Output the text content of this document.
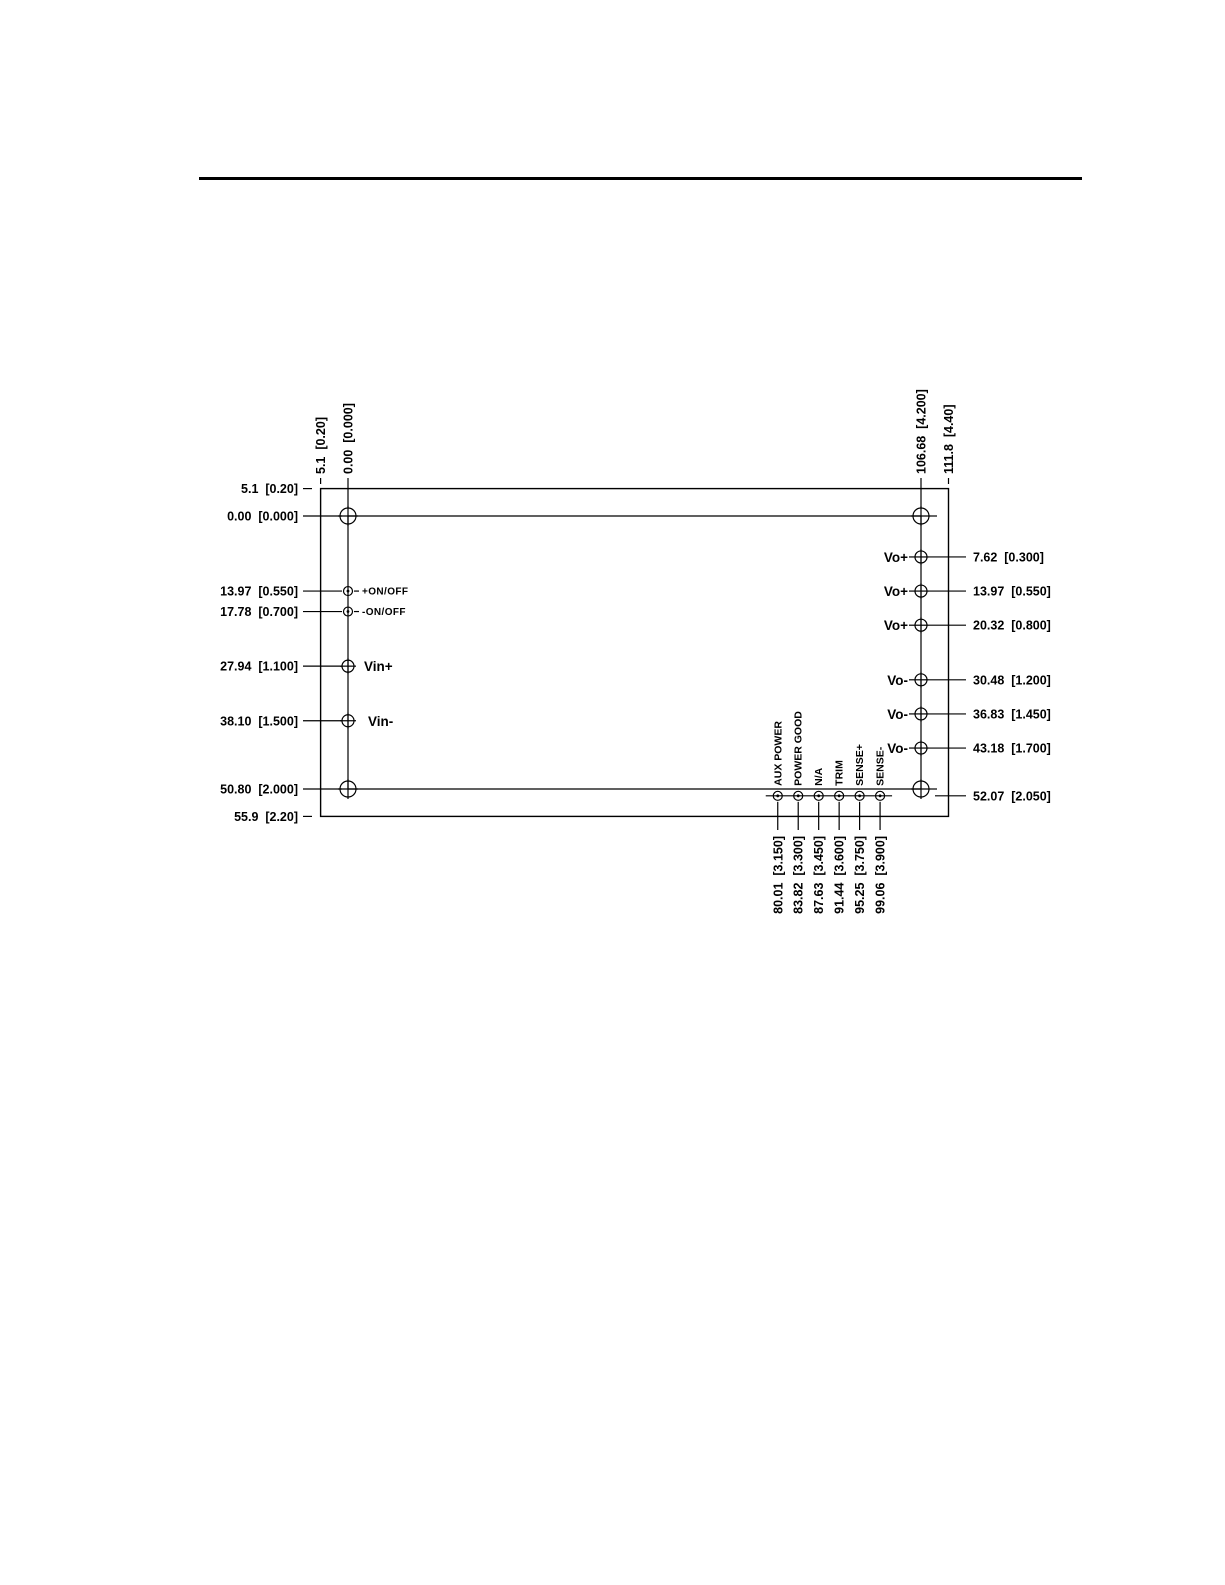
5.1  [0.20]
0.00  [0.000]
13.97  [0.550]
17.78  [0.700]
27.94  [1.100]
38.10  [1.500]
50.80  [2.000]
55.9  [2.20]
+ON/OFF
-ON/OFF
Vin+
Vin-
5.1  [0.20] 0.00  [0.000]	106.68  [4.200] 111.8  [4.40]
7.62  [0.300]
Vo+
13.97  [0.550]
Vo+
20.32  [0.800]
Vo+
30.48  [1.200]
Vo-
36.83  [1.450]
Vo-
43.18  [1.700]
Vo-
52.07  [2.050]
AUX POWER
80.01  [3.150]
POWER GOOD
83.82  [3.300]
N/A
87.63  [3.450]
TRIM
91.44  [3.600]
SENSE+
95.25  [3.750]
SENSE-
99.06  [3.900]
